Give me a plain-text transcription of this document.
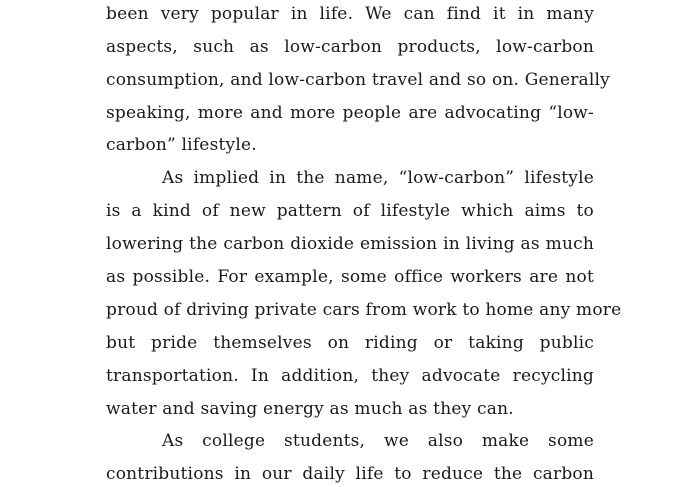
been very popular in life. We can find it in many
aspects, such as low-carbon products, low-carbon
consumption, and low-carbon travel and so on. Generally
speaking, more and more people are advocating “low-
carbon” lifestyle.
As implied in the name, “low-carbon” lifestyle
is a kind of new pattern of lifestyle which aims to
lowering the carbon dioxide emission in living as much
as possible. For example, some office workers are not
proud of driving private cars from work to home any more
but pride themselves on riding or taking public
transportation. In addition, they advocate recycling
water and saving energy as much as they can.
As college students, we also make some
contributions in our daily life to reduce the carbon
